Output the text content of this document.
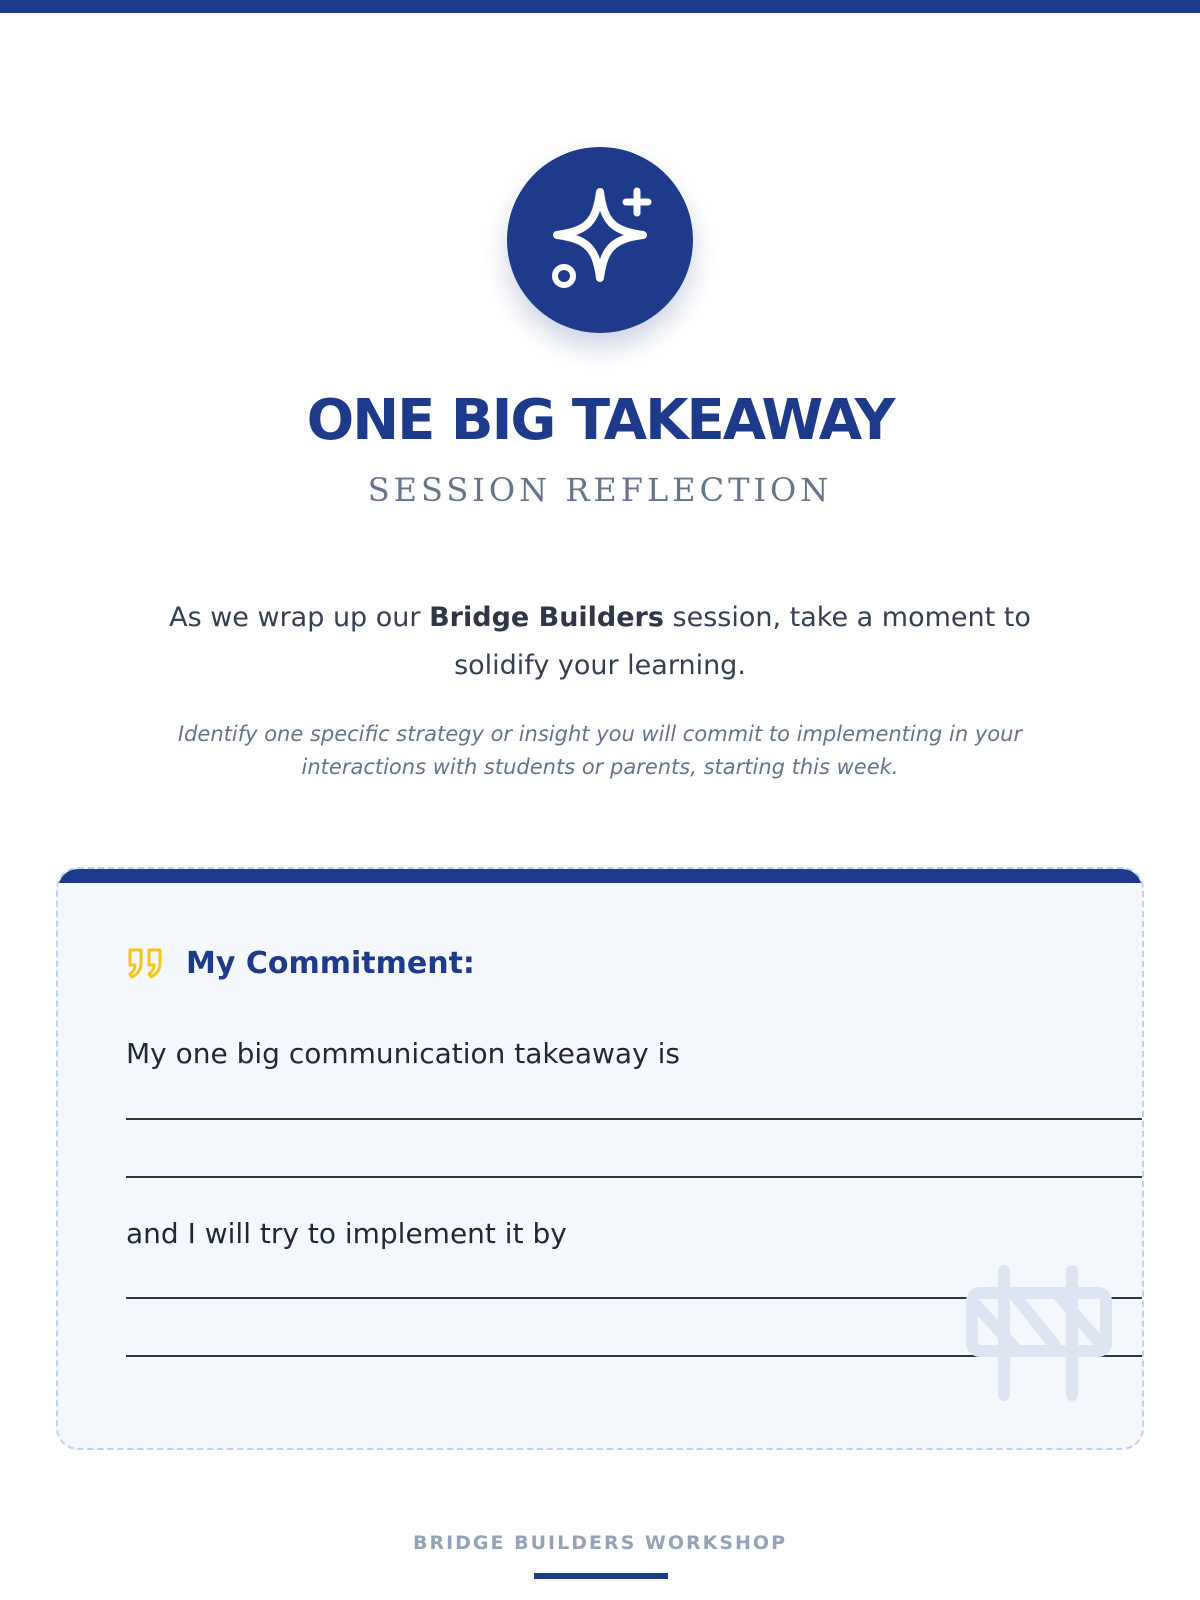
ONE BIG TAKEAWAY
SESSION REFLECTION

As we wrap up our Bridge Builders session, take a moment to solidify your learning.

Identify one specific strategy or insight you will commit to implementing in your interactions with students or parents, starting this week.

My Commitment:
My one big communication takeaway is
and I will try to implement it by
BRIDGE BUILDERS WORKSHOP
